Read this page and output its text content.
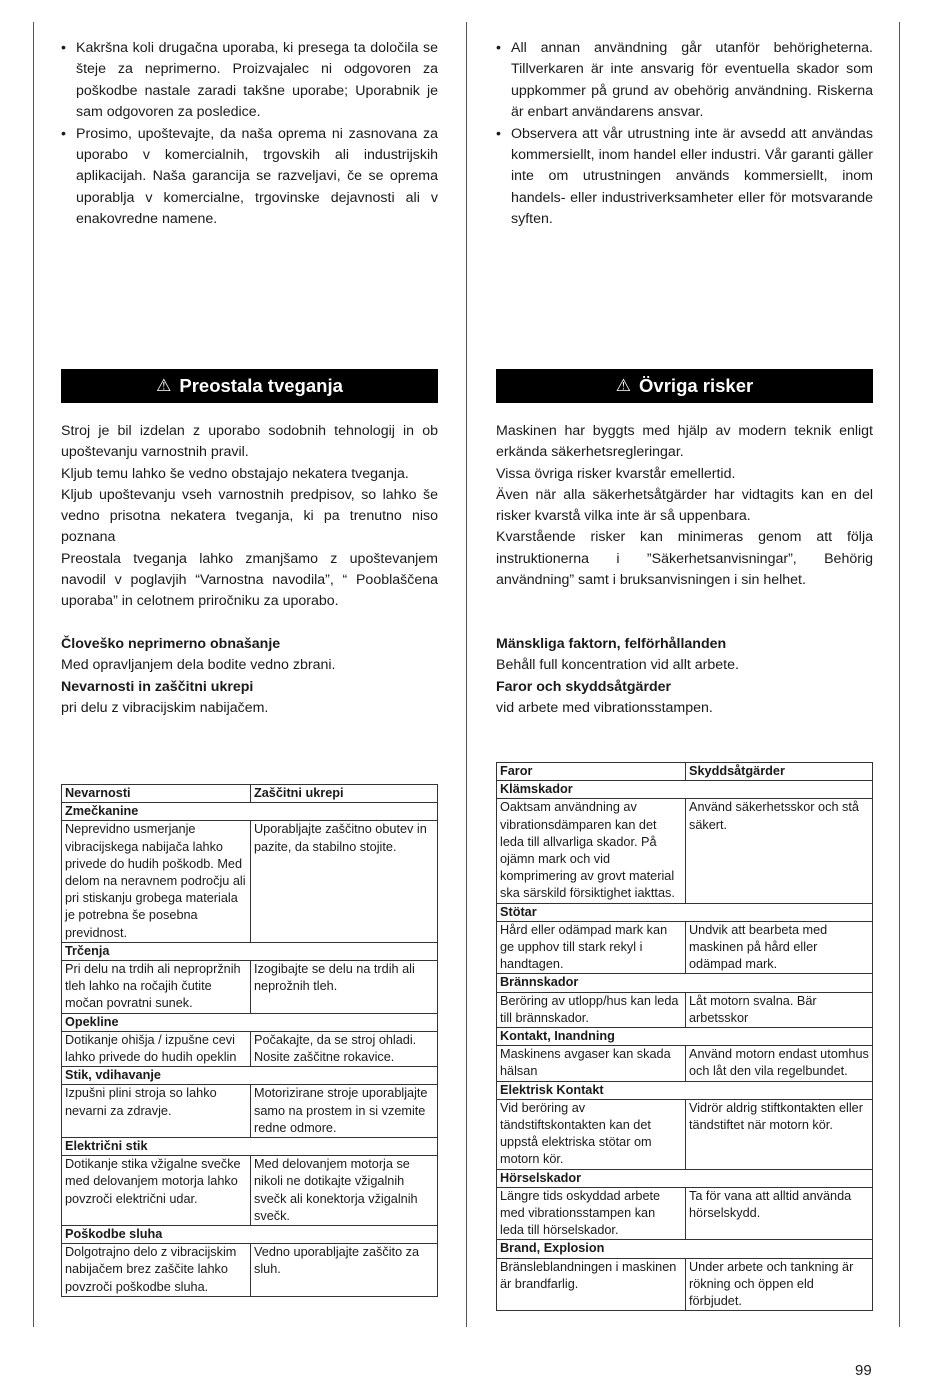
• Kakršna koli drugačna uporaba, ki presega ta določila se šteje za neprimerno. Proizvajalec ni odgovoren za poškodbe nastale zaradi takšne uporabe; Uporabnik je sam odgovoren za posledice.
• Prosimo, upoštevajte, da naša oprema ni zasnovana za uporabo v komercialnih, trgovskih ali industrijskih aplikacijah. Naša garancija se razveljavi, če se oprema uporablja v komercialne, trgovinske dejavnosti ali v enakovredne namene.
⚠ Preostala tveganja

Stroj je bil izdelan z uporabo sodobnih tehnologij in ob upoštevanju varnostnih pravil.

Kljub temu lahko še vedno obstajajo nekatera tveganja.

Kljub upoštevanju vseh varnostnih predpisov, so lahko še vedno prisotna nekatera tveganja, ki pa trenutno niso poznana

Preostala tveganja lahko zmanjšamo z upoštevanjem navodil v poglavjih “Varnostna navodila”, “ Pooblaščena uporaba” in celotnem priročniku za uporabo.

Človeško neprimerno obnašanje

Med opravljanjem dela bodite vedno zbrani.

Nevarnosti in zaščitni ukrepi

pri delu z vibracijskim nabijačem.

Nevarnosti	Zaščitni ukrepi
Zmečkanine	
Neprevidno usmerjanje vibracijskega nabijača lahko privede do hudih poškodb. Med delom na neravnem področju ali pri stiskanju grobega materiala je potrebna še posebna previdnost.	Uporabljajte zaščitno obutev in pazite, da stabilno stojite.
Trčenja	
Pri delu na trdih ali nepropržnih tleh lahko na ročajih čutite močan povratni sunek.	Izogibajte se delu na trdih ali neprožnih tleh.
Opekline	
Dotikanje ohišja / izpušne cevi lahko privede do hudih opeklin	Počakajte, da se stroj ohladi. Nosite zaščitne rokavice.
Stik, vdihavanje	
Izpušni plini stroja so lahko nevarni za zdravje.	Motorizirane stroje uporabljajte samo na prostem in si vzemite redne odmore.
Električni stik	
Dotikanje stika vžigalne svečke med delovanjem motorja lahko povzroči električni udar.	Med delovanjem motorja se nikoli ne dotikajte vžigalnih svečk ali konektorja vžigalnih svečk.
Poškodbe sluha	
Dolgotrajno delo z vibracijskim nabijačem brez zaščite lahko povzroči poškodbe sluha.	Vedno uporabljajte zaščito za sluh.
• All annan användning går utanför behörigheterna. Tillverkaren är inte ansvarig för eventuella skador som uppkommer på grund av obehörig användning. Riskerna är enbart användarens ansvar.
• Observera att vår utrustning inte är avsedd att användas kommersiellt, inom handel eller industri. Vår garanti gäller inte om utrustningen används kommersiellt, inom handels- eller industriverksamheter eller för motsvarande syften.
⚠ Övriga risker

Maskinen har byggts med hjälp av modern teknik enligt erkända säkerhetsregleringar.

Vissa övriga risker kvarstår emellertid.

Även när alla säkerhetsåtgärder har vidtagits kan en del risker kvarstå vilka inte är så uppenbara.

Kvarstående risker kan minimeras genom att följa instruktionerna i ”Säkerhetsanvisningar”, Behörig användning” samt i bruksanvisningen i sin helhet.

Mänskliga faktorn, felförhållanden

Behåll full koncentration vid allt arbete.

Faror och skyddsåtgärder

vid arbete med vibrationsstampen.

Faror	Skyddsåtgärder
Klämskador	
Oaktsam användning av vibrationsdämparen kan det leda till allvarliga skador. På ojämn mark och vid komprimering av grovt material ska särskild försiktighet iakttas.	Använd säkerhetsskor och stå säkert.
Stötar	
Hård eller odämpad mark kan ge upphov till stark rekyl i handtagen.	Undvik att bearbeta med maskinen på hård eller odämpad mark.
Brännskador	
Beröring av utlopp/hus kan leda till brännskador.	Låt motorn svalna. Bär arbetsskor
Kontakt, Inandning	
Maskinens avgaser kan skada hälsan	Använd motorn endast utomhus och låt den vila regelbundet.
Elektrisk Kontakt	
Vid beröring av tändstiftskontakten kan det uppstå elektriska stötar om motorn kör.	Vidrör aldrig stiftkontakten eller tändstiftet när motorn kör.
Hörselskador	
Längre tids oskyddad arbete med vibrationsstampen kan leda till hörselskador.	Ta för vana att alltid använda hörselskydd.
Brand, Explosion	
Bränsleblandningen i maskinen är brandfarlig.	Under arbete och tankning är rökning och öppen eld förbjudet.
99
